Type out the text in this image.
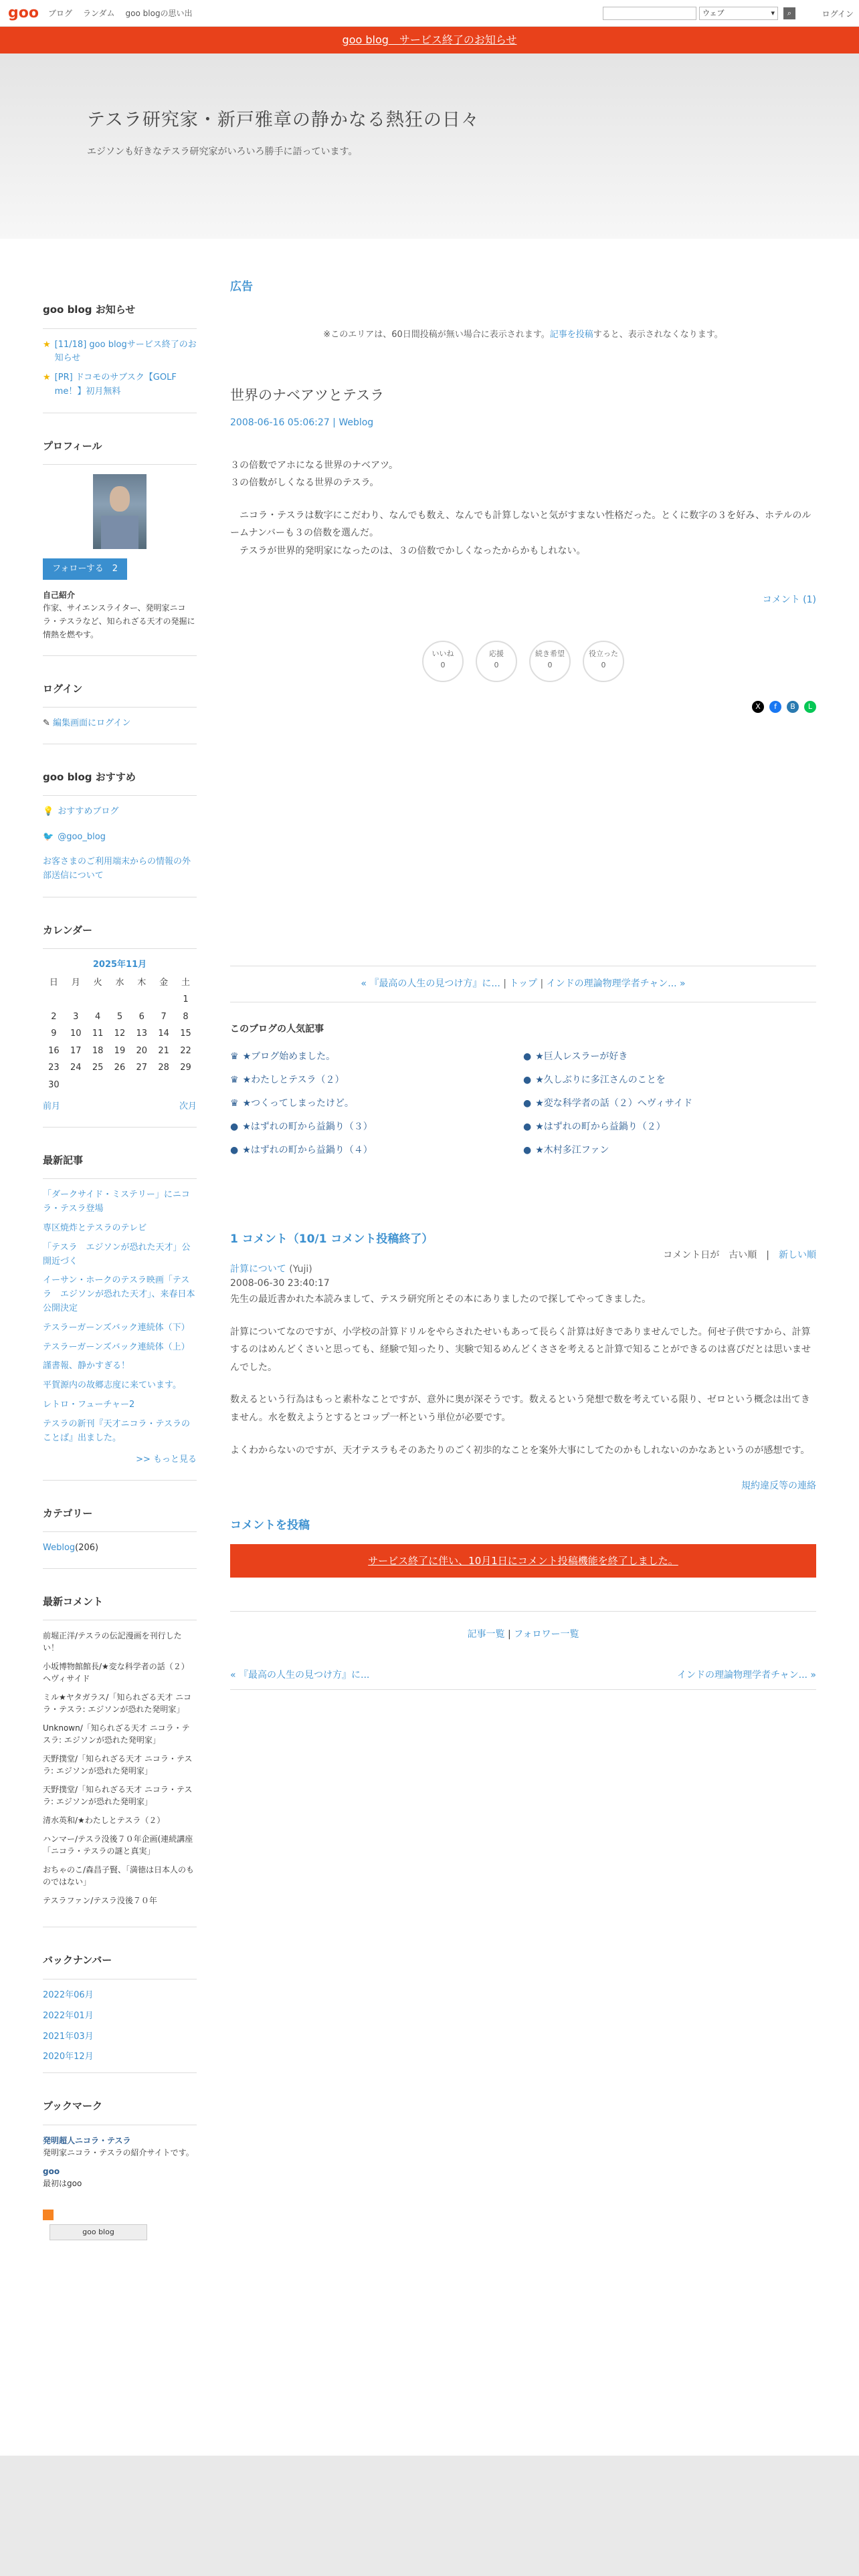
goo ブログ ランダム goo blogの思い出	ウェブ	▾	⌕	ログイン
goo blog　サービス終了のお知らせ
テスラ研究家・新戸雅章の静かなる熱狂の日々

エジソンも好きなテスラ研究家がいろいろ勝手に語っています。

goo blog お知らせ
★ [11/18] goo blogサービス終了のお知らせ
★ [PR] ドコモのサブスク【GOLF me！】初月無料
プロフィール
フォローする　 2
自己紹介
作家、サイエンスライター、発明家ニコラ・テスラなど、知られざる天才の発掘に情熱を燃やす。
ログイン
✎ 編集画面にログイン
goo blog おすすめ
💡 おすすめブログ
🐦 @goo_blog
お客さまのご利用端末からの情報の外部送信について
カレンダー
2025年11月
日	月	火	水	木	金	土
						1
2	3	4	5	6	7	8
9	10	11	12	13	14	15
16	17	18	19	20	21	22
23	24	25	26	27	28	29
30						
前月	次月
最新記事
「ダークサイド・ミステリー」にニコラ・テスラ登場
専区焼炸とテスラのテレビ
「テスラ　エジソンが恐れた天才」公開近づく
イーサン・ホークのテスラ映画「テスラ　エジソンが恐れた天才」、来春日本公開決定
テスラーガーンズバック連続体（下）
テスラーガーンズバック連続体（上）
謹書報、静かすぎる！
平賀源内の故郷志度に来ています。
レトロ・フューチャー2
テスラの新刊『天才ニコラ・テスラのことば』出ました。
>> もっと見る
カテゴリー
Weblog(206)
最新コメント
前堀正洋/テスラの伝記漫画を刊行したい！
小坂博物館館長/★変な科学者の話（２）ヘヴィサイド
ミル★ヤタガラス/「知られざる天才 ニコラ・テスラ: エジソンが恐れた発明家」
Unknown/「知られざる天才 ニコラ・テスラ: エジソンが恐れた発明家」
天野撲堂/「知られざる天才 ニコラ・テスラ: エジソンが恐れた発明家」
天野撲堂/「知られざる天才 ニコラ・テスラ: エジソンが恐れた発明家」
清水英和/★わたしとテスラ（２）
ハンマー/テスラ没後７０年企画(連続講座「ニコラ・テスラの謎と真実」
おちゃのこ/森昌子賢、「満徳は日本人のものではない」
テスラファン/テスラ没後７０年
バックナンバー
2022年06月
2022年01月
2021年03月
2020年12月
ブックマーク
発明超人ニコラ・テスラ
発明家ニコラ・テスラの紹介サイトです。
goo
最初はgoo
goo blog
広告
※このエリアは、60日間投稿が無い場合に表示されます。記事を投稿すると、表示されなくなります。
世界のナベアツとテスラ
2008-06-16 05:06:27 | Weblog

３の倍数でアホになる世界のナベアツ。
３の倍数がしくなる世界のテスラ。

　ニコラ・テスラは数字にこだわり、なんでも数え、なんでも計算しないと気がすまない性格だった。とくに数字の３を好み、ホテルのルームナンバーも３の倍数を選んだ。
　テスラが世界的発明家になったのは、３の倍数でかしくなったからかもしれない。

コメント (1)
いいね
0
応援
0
続き希望
0
役立った
0
X	f	B	L
« 『最高の人生の見つけ方』に... | トップ | インドの理論物理学者チャン... »
このブログの人気記事
♛ ★ブログ始めました。	● ★巨人レスラーが好き
♛ ★わたしとテスラ（２）	● ★久しぶりに多江さんのことを
♛ ★つくってしまったけど。	● ★変な科学者の話（２）ヘヴィサイド
● ★はずれの町から益鍋り（３）	● ★はずれの町から益鍋り（２）
● ★はずれの町から益鍋り（４）	● ★木村多江ファン
1 コメント（10/1 コメント投稿終了）
コメント日が　 古い順　|　新しい順
計算について (Yuji)
2008-06-30 23:40:17

先生の最近書かれた本読みまして、テスラ研究所とその本にありましたので探してやってきました。

計算についてなのですが、小学校の計算ドリルをやらされたせいもあって長らく計算は好きでありませんでした。何せ子供ですから、計算するのはめんどくさいと思っても、経験で知ったり、実験で知るめんどくささを考えると計算で知ることができるのは喜びだとは思いませんでした。

数えるという行為はもっと素朴なことですが、意外に奥が深そうです。数えるという発想で数を考えている限り、ゼロという概念は出てきません。水を数えようとするとコップ一杯という単位が必要です。

よくわからないのですが、天才テスラもそのあたりのごく初歩的なことを案外大事にしてたのかもしれないのかなあというのが感想です。

規約違反等の連絡
コメントを投稿
サービス終了に伴い、10月1日にコメント投稿機能を終了しました。
記事一覧 | フォロワー一覧
« 『最高の人生の見つけ方』に...	インドの理論物理学者チャン... »
